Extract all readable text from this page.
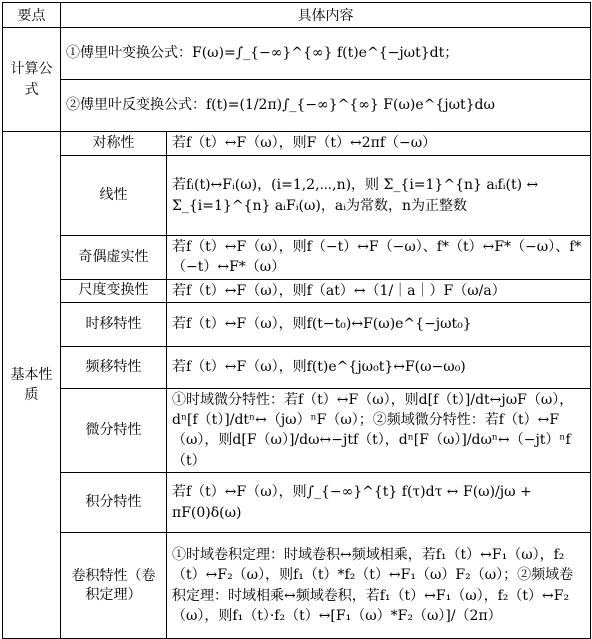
要点	具体内容	
计算公式	①傅里叶变换公式：F(ω)=∫_{−∞}^{∞} f(t)e^{−jωt}dt；	
	②傅里叶反变换公式：f(t)=(1/2π)∫_{−∞}^{∞} F(ω)e^{jωt}dω	
基本性质	对称性	若f（t）↔F（ω），则F（t）↔2πf（−ω）
	线性	若fᵢ(t)↔Fᵢ(ω)，(i=1,2,⋯,n)，则 Σ_{i=1}^{n} aᵢfᵢ(t) ↔ Σ_{i=1}^{n} aᵢFᵢ(ω)，aᵢ为常数，n为正整数
	奇偶虚实性	若f（t）↔F（ω），则f（−t）↔F（−ω）、f*（t）↔F*（−ω）、f*（−t）↔F*（ω）
	尺度变换性	若f（t）↔F（ω），则f（at）↔（1/｜a｜）F（ω/a）
	时移特性	若f（t）↔F（ω），则f(t−t₀)↔F(ω)e^{−jωt₀}
	频移特性	若f（t）↔F（ω），则f(t)e^{jω₀t}↔F(ω−ω₀)
	微分特性	①时域微分特性：若f（t）↔F（ω），则d[f（t）]/dt↔jωF（ω），dⁿ[f（t）]/dtⁿ↔（jω）ⁿF（ω）；②频域微分特性：若f（t）↔F（ω），则d[F（ω）]/dω↔−jtf（t），dⁿ[F（ω）]/dωⁿ↔（−jt）ⁿf（t）
	积分特性	若f（t）↔F（ω），则∫_{−∞}^{t} f(τ)dτ ↔ F(ω)/jω + πF(0)δ(ω)
	卷积特性（卷积定理）	①时域卷积定理：时域卷积↔频域相乘，若f₁（t）↔F₁（ω），f₂（t）↔F₂（ω），则f₁（t）*f₂（t）↔F₁（ω）F₂（ω）；②频域卷积定理：时域相乘↔频域卷积，若f₁（t）↔F₁（ω），f₂（t）↔F₂（ω），则f₁（t）·f₂（t）↔[F₁（ω）*F₂（ω）]/（2π）
